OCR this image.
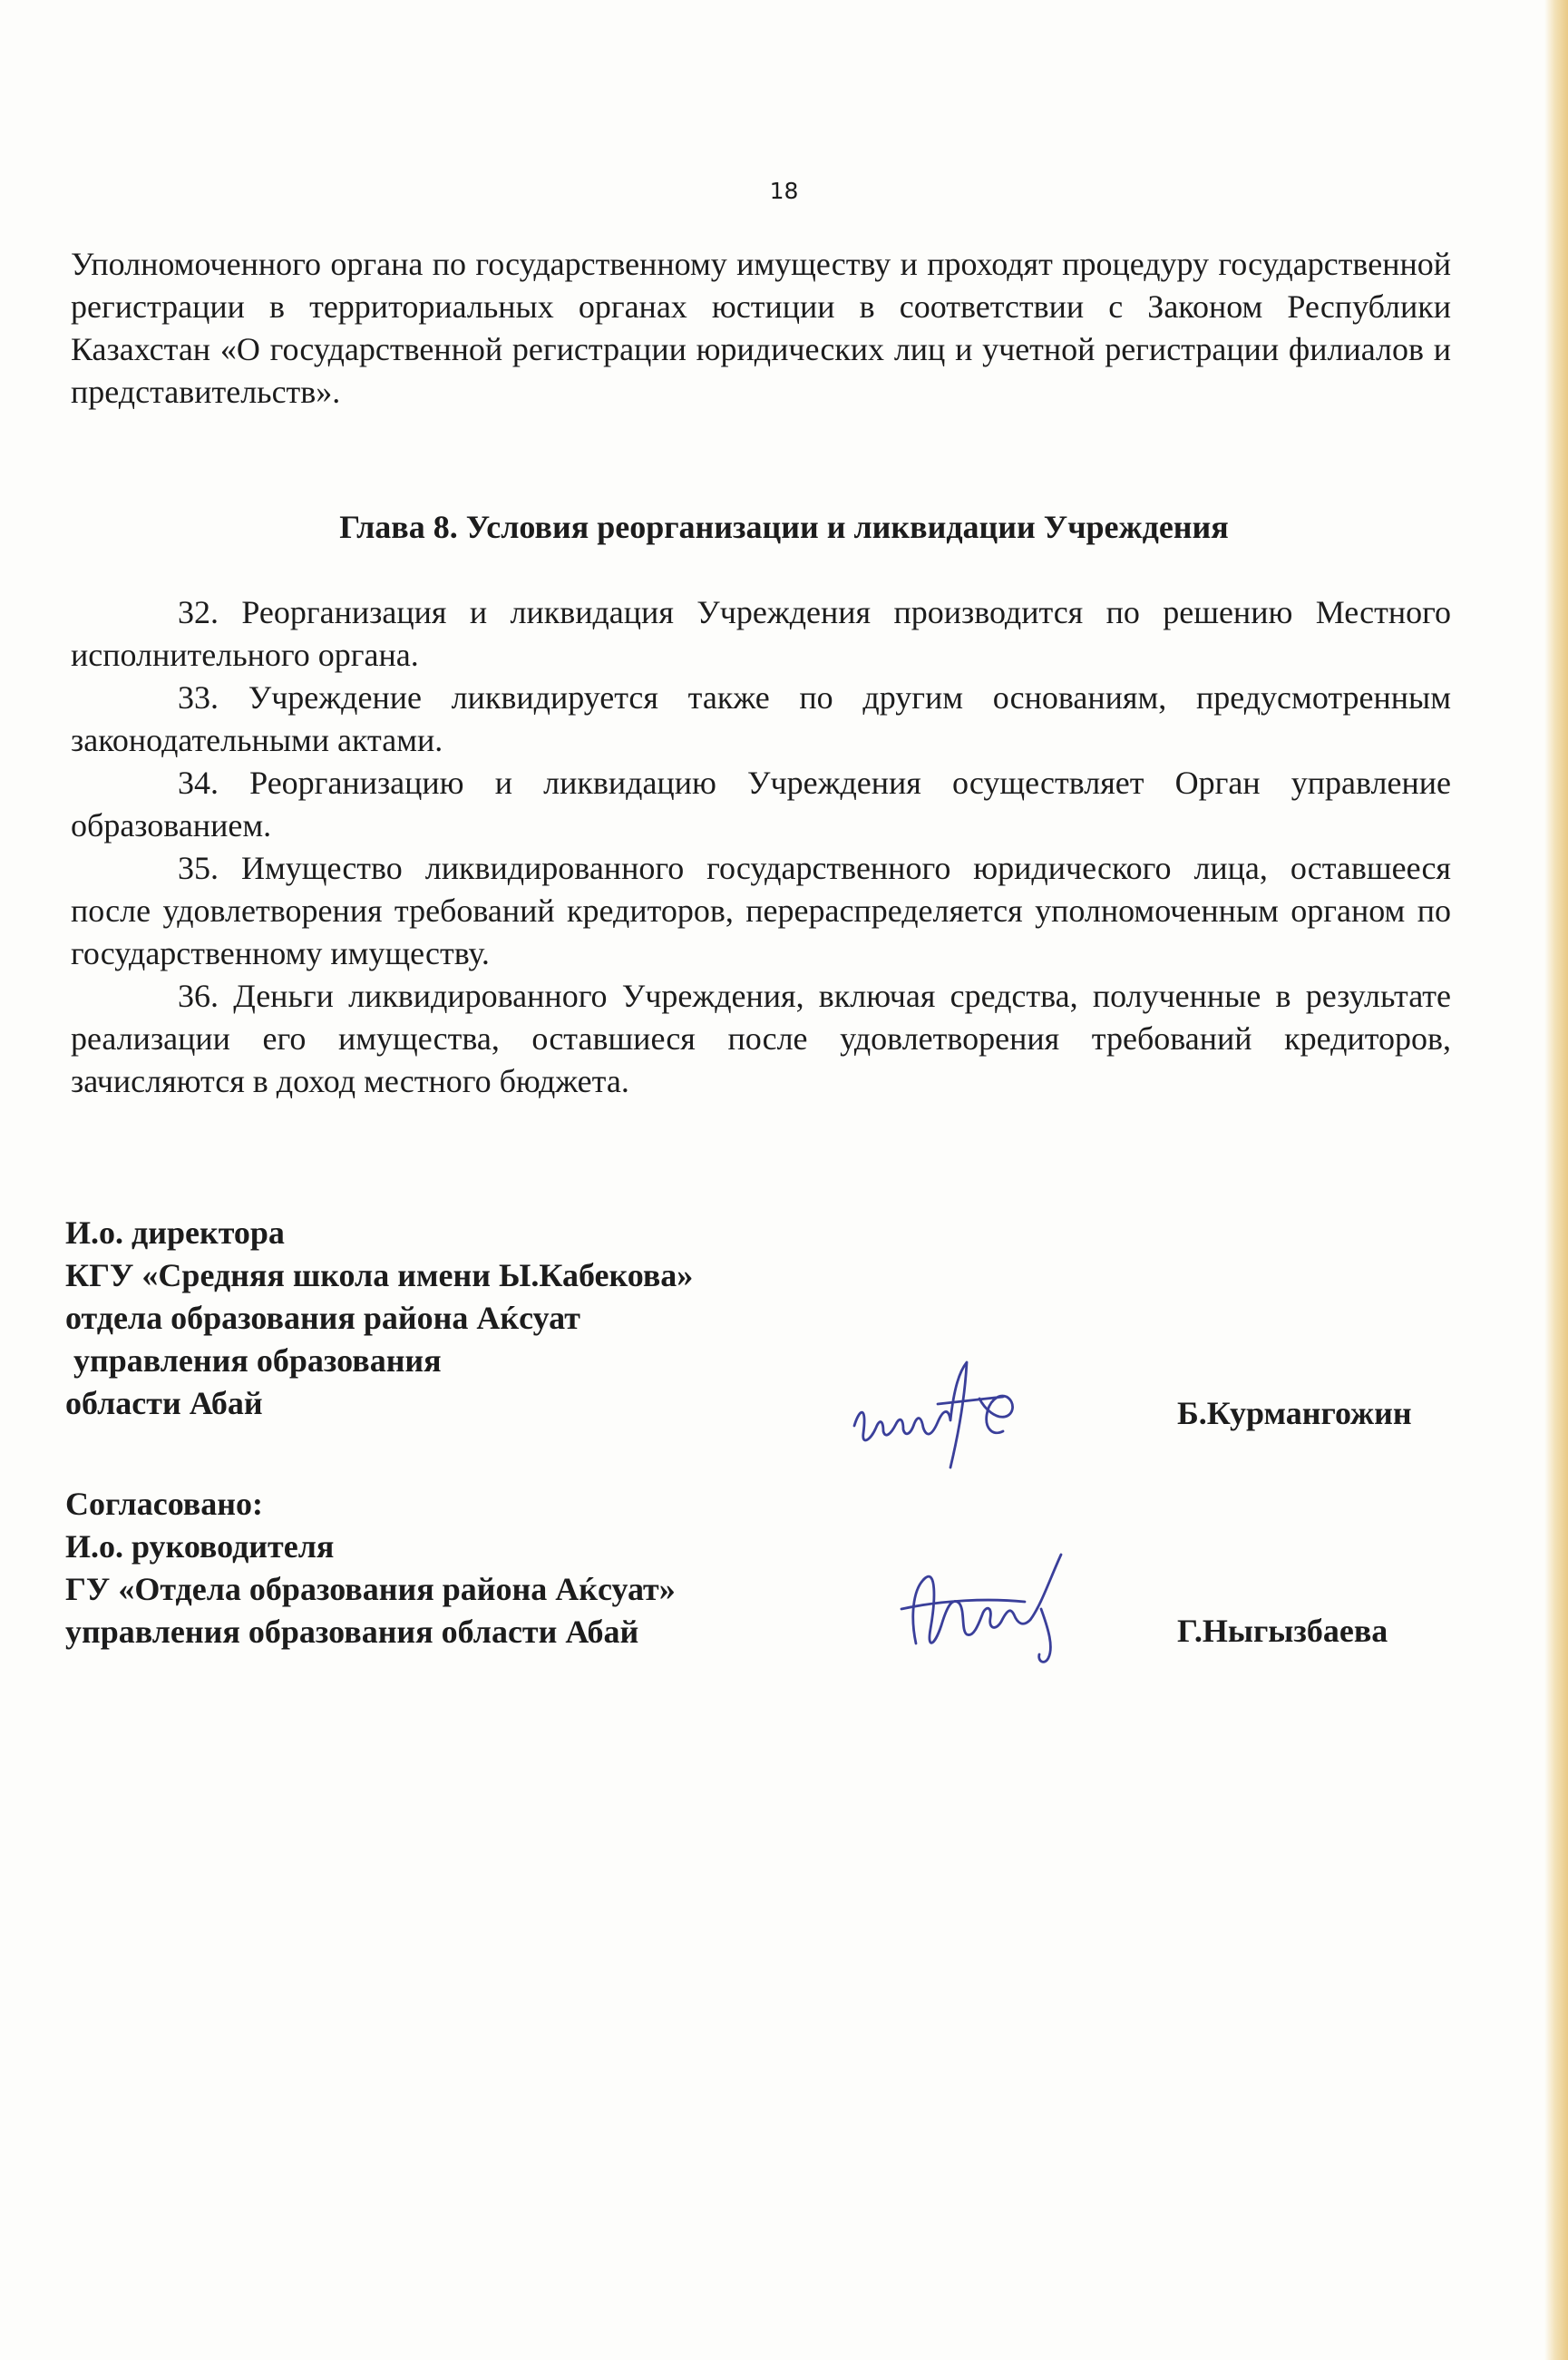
18

Уполномоченного органа по государственному имуществу и проходят процедуру государственной регистрации в территориальных органах юстиции в соответствии с Законом Республики Казахстан «О государственной регистрации юридических лиц и учетной регистрации филиалов и представительств».

Глава 8. Условия реорганизации и ликвидации Учреждения

32. Реорганизация и ликвидация Учреждения производится по решению Местного исполнительного органа.

33. Учреждение ликвидируется также по другим основаниям, предусмотренным законодательными актами.

34. Реорганизацию и ликвидацию Учреждения осуществляет Орган управление образованием.

35. Имущество ликвидированного государственного юридического лица, оставшееся после удовлетворения требований кредиторов, перераспределяется уполномоченным органом по государственному имуществу.

36. Деньги ликвидированного Учреждения, включая средства, полученные в результате реализации его имущества, оставшиеся после удовлетворения требований кредиторов, зачисляются в доход местного бюджета.

И.о. директора
КГУ «Средняя школа имени Ы.Кабекова»
отдела образования района Аќсуат
управления образования
области Абай	Б.Курмангожин
Согласовано:
И.о. руководителя
ГУ «Отдела образования района Аќсуат»
управления образования области Абай	Г.Ныгызбаева
